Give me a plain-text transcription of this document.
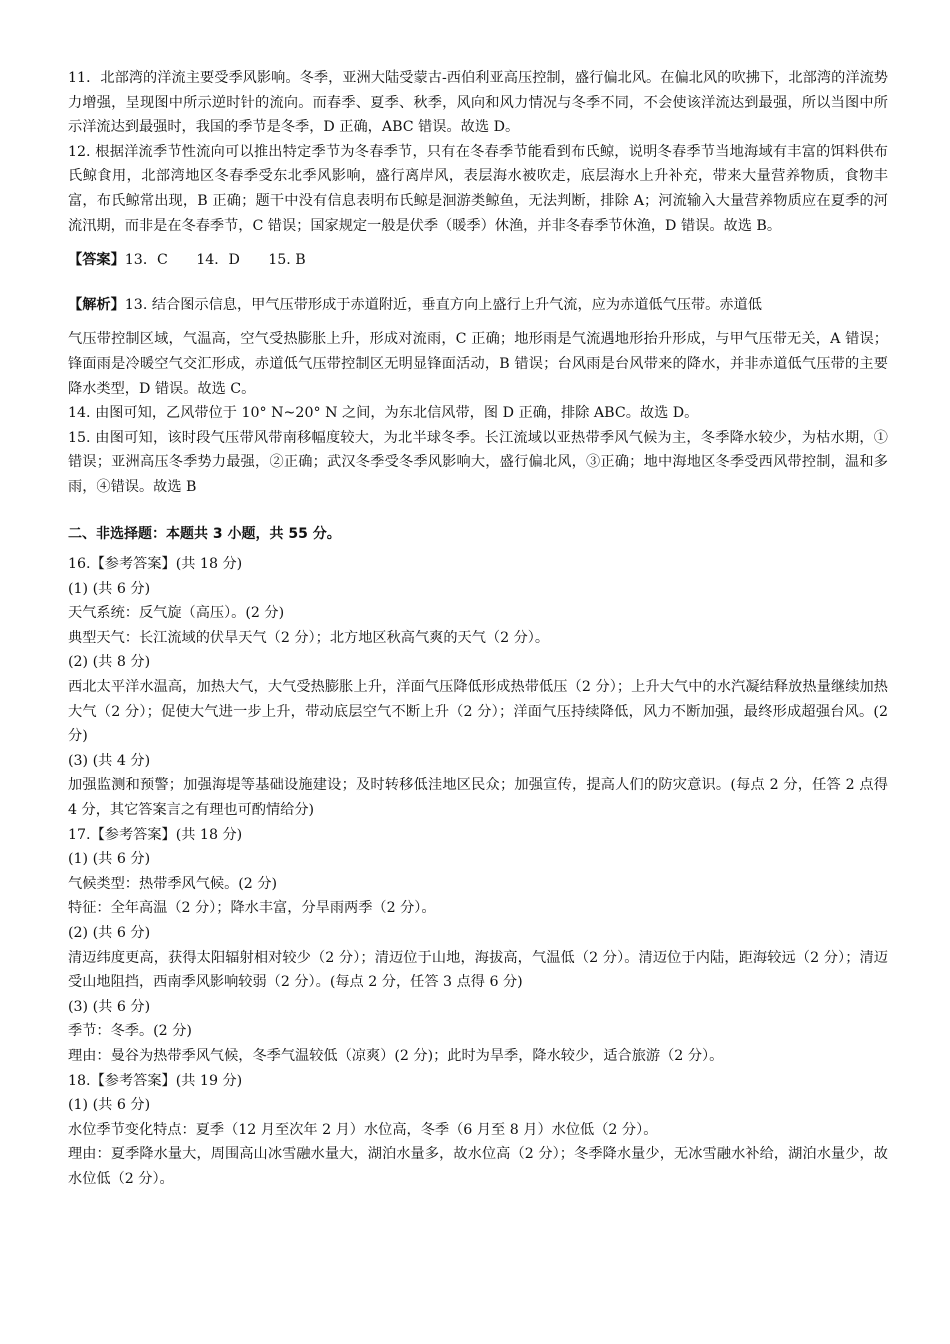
11．北部湾的洋流主要受季风影响。冬季，亚洲大陆受蒙古-西伯利亚高压控制，盛行偏北风。在偏北风的吹拂下，北部湾的洋流势力增强，呈现图中所示逆时针的流向。而春季、夏季、秋季，风向和风力情况与冬季不同，不会使该洋流达到最强，所以当图中所示洋流达到最强时，我国的季节是冬季，D 正确，ABC 错误。故选 D。

12. 根据洋流季节性流向可以推出特定季节为冬春季节，只有在冬春季节能看到布氏鲸，说明冬春季节当地海域有丰富的饵料供布氏鲸食用，北部湾地区冬春季受东北季风影响，盛行离岸风，表层海水被吹走，底层海水上升补充，带来大量营养物质，食物丰富，布氏鲸常出现，B 正确；题干中没有信息表明布氏鲸是洄游类鲸鱼，无法判断，排除 A；河流输入大量营养物质应在夏季的河流汛期，而非是在冬春季节，C 错误；国家规定一般是伏季（暖季）休渔，并非冬春季节休渔，D 错误。故选 B。

【答案】13．C　　14．D　　15. B

【解析】13. 结合图示信息，甲气压带形成于赤道附近，垂直方向上盛行上升气流，应为赤道低气压带。赤道低

气压带控制区域，气温高，空气受热膨胀上升，形成对流雨，C 正确；地形雨是气流遇地形抬升形成，与甲气压带无关，A 错误；锋面雨是冷暖空气交汇形成，赤道低气压带控制区无明显锋面活动，B 错误；台风雨是台风带来的降水，并非赤道低气压带的主要降水类型，D 错误。故选 C。

14. 由图可知，乙风带位于 10° N~20° N 之间，为东北信风带，图 D 正确，排除 ABC。故选 D。

15. 由图可知，该时段气压带风带南移幅度较大，为北半球冬季。长江流域以亚热带季风气候为主，冬季降水较少，为枯水期，①错误；亚洲高压冬季势力最强，②正确；武汉冬季受冬季风影响大，盛行偏北风，③正确；地中海地区冬季受西风带控制，温和多雨，④错误。故选 B

二、非选择题：本题共 3 小题，共 55 分。

16.【参考答案】(共 18 分)

(1) (共 6 分)

天气系统：反气旋（高压）。(2 分)

典型天气：长江流域的伏旱天气（2 分）；北方地区秋高气爽的天气（2 分）。

(2) (共 8 分)

西北太平洋水温高，加热大气，大气受热膨胀上升，洋面气压降低形成热带低压（2 分）；上升大气中的水汽凝结释放热量继续加热大气（2 分）；促使大气进一步上升，带动底层空气不断上升（2 分）；洋面气压持续降低，风力不断加强，最终形成超强台风。(2 分)

(3) (共 4 分)

加强监测和预警；加强海堤等基础设施建设；及时转移低洼地区民众；加强宣传，提高人们的防灾意识。(每点 2 分，任答 2 点得 4 分，其它答案言之有理也可酌情给分)

17.【参考答案】(共 18 分)

(1) (共 6 分)

气候类型：热带季风气候。(2 分)

特征：全年高温（2 分）；降水丰富，分旱雨两季（2 分）。

(2) (共 6 分)

清迈纬度更高，获得太阳辐射相对较少（2 分）；清迈位于山地，海拔高，气温低（2 分）。清迈位于内陆，距海较远（2 分）；清迈受山地阻挡，西南季风影响较弱（2 分）。(每点 2 分，任答 3 点得 6 分)

(3) (共 6 分)

季节：冬季。(2 分)

理由：曼谷为热带季风气候，冬季气温较低（凉爽）(2 分)；此时为旱季，降水较少，适合旅游（2 分）。

18.【参考答案】(共 19 分)

(1) (共 6 分)

水位季节变化特点：夏季（12 月至次年 2 月）水位高，冬季（6 月至 8 月）水位低（2 分）。

理由：夏季降水量大，周围高山冰雪融水量大，湖泊水量多，故水位高（2 分）；冬季降水量少，无冰雪融水补给，湖泊水量少，故水位低（2 分）。
